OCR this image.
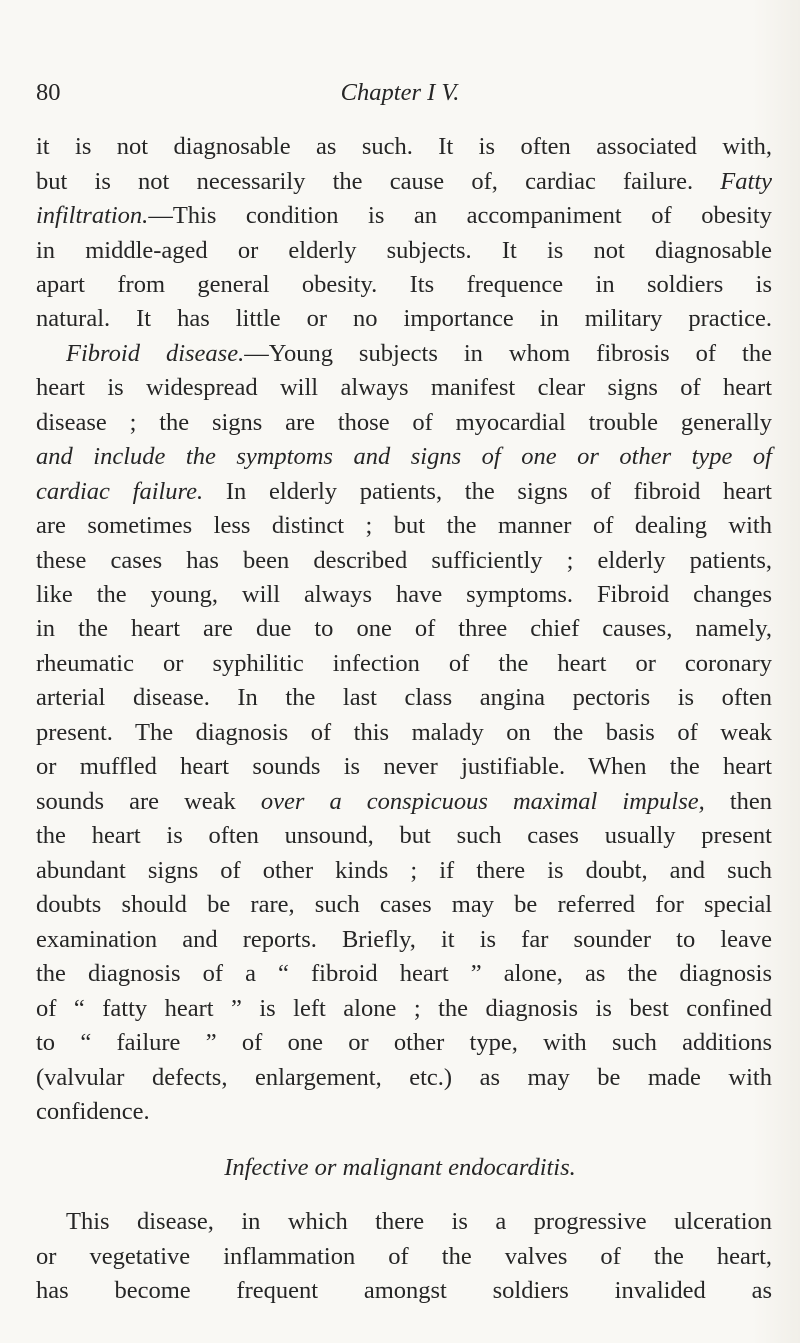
80	Chapter I V.
it is not diagnosable as such. It is often associated with,
but is not necessarily the cause of, cardiac failure. Fatty
infiltration.—This condition is an accompaniment of obesity
in middle-aged or elderly subjects. It is not diagnosable
apart from general obesity. Its frequence in soldiers is
natural. It has little or no importance in military practice.
Fibroid disease.—Young subjects in whom fibrosis of the
heart is widespread will always manifest clear signs of heart
disease ; the signs are those of myocardial trouble generally
and include the symptoms and signs of one or other type of
cardiac failure. In elderly patients, the signs of fibroid heart
are sometimes less distinct ; but the manner of dealing with
these cases has been described sufficiently ; elderly patients,
like the young, will always have symptoms. Fibroid changes
in the heart are due to one of three chief causes, namely,
rheumatic or syphilitic infection of the heart or coronary
arterial disease. In the last class angina pectoris is often
present. The diagnosis of this malady on the basis of weak
or muffled heart sounds is never justifiable. When the heart
sounds are weak over a conspicuous maximal impulse, then
the heart is often unsound, but such cases usually present
abundant signs of other kinds ; if there is doubt, and such
doubts should be rare, such cases may be referred for special
examination and reports. Briefly, it is far sounder to leave
the diagnosis of a “ fibroid heart ” alone, as the diagnosis
of “ fatty heart ” is left alone ; the diagnosis is best confined
to “ failure ” of one or other type, with such additions
(valvular defects, enlargement, etc.) as may be made with
confidence.
Infective or malignant endocarditis.
This disease, in which there is a progressive ulceration
or vegetative inflammation of the valves of the heart,
has become frequent amongst soldiers invalided as
